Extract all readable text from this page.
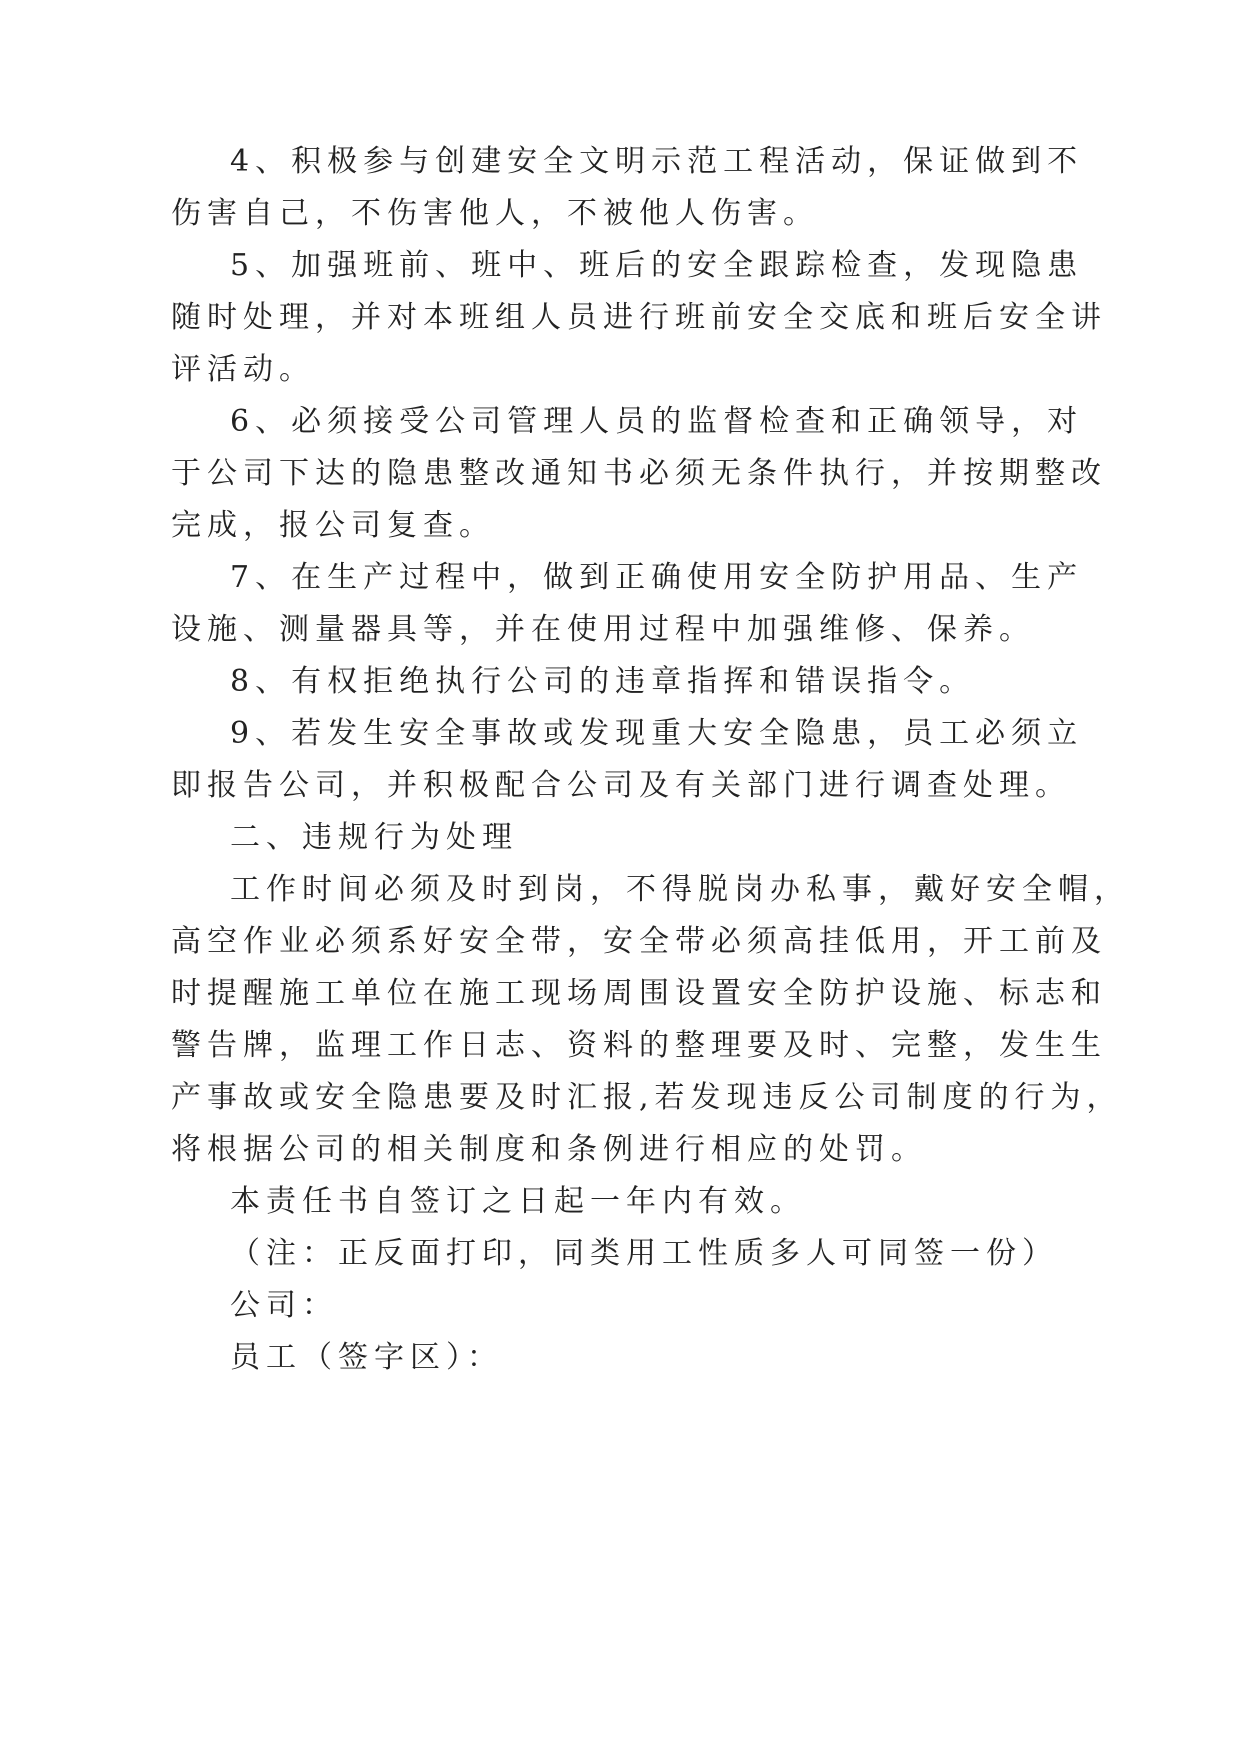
4、积极参与创建安全文明示范工程活动，保证做到不
伤害自己，不伤害他人，不被他人伤害。
5、加强班前、班中、班后的安全跟踪检查，发现隐患
随时处理，并对本班组人员进行班前安全交底和班后安全讲
评活动。
6、必须接受公司管理人员的监督检查和正确领导，对
于公司下达的隐患整改通知书必须无条件执行，并按期整改
完成，报公司复查。
7、在生产过程中，做到正确使用安全防护用品、生产
设施、测量器具等，并在使用过程中加强维修、保养。
8、有权拒绝执行公司的违章指挥和错误指令。
9、若发生安全事故或发现重大安全隐患，员工必须立
即报告公司，并积极配合公司及有关部门进行调查处理。
二、违规行为处理
工作时间必须及时到岗，不得脱岗办私事，戴好安全帽，
高空作业必须系好安全带，安全带必须高挂低用，开工前及
时提醒施工单位在施工现场周围设置安全防护设施、标志和
警告牌，监理工作日志、资料的整理要及时、完整，发生生
产事故或安全隐患要及时汇报,若发现违反公司制度的行为，
将根据公司的相关制度和条例进行相应的处罚。
本责任书自签订之日起一年内有效。
（注：正反面打印，同类用工性质多人可同签一份）
公司：
员工（签字区）：
